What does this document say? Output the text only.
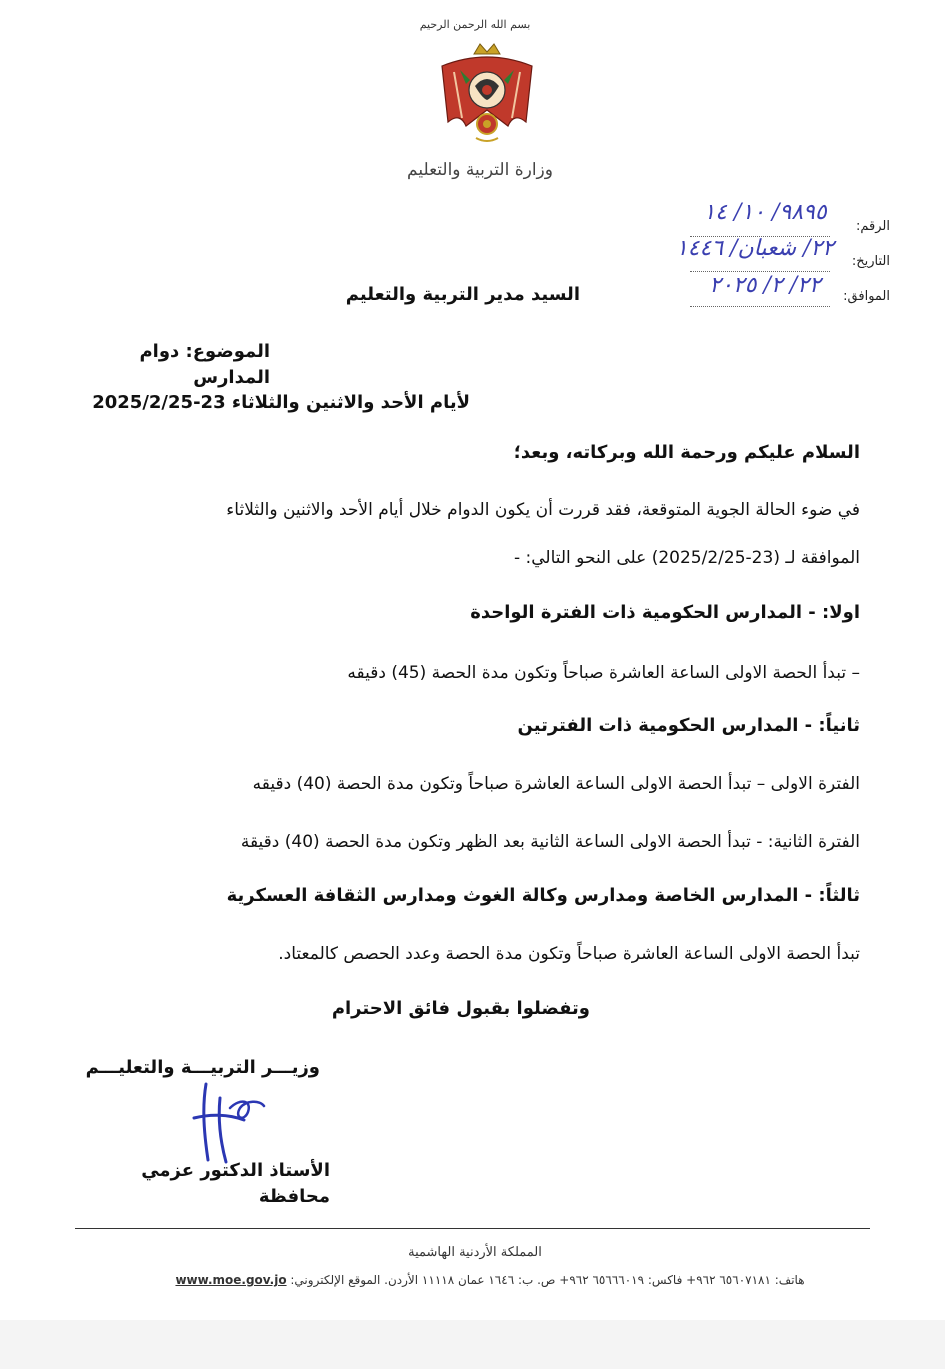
بسم الله الرحمن الرحيم
وزارة التربية والتعليم
الرقم:
٩٨٩٥/ ١٠/ ١٤
التاريخ:
٢٢/ شعبان/ ١٤٤٦
الموافق:
٢٢/ ٢/ ٢٠٢٥
السيد مدير التربية والتعليم
الموضوع: دوام المدارس
لأيام الأحد والاثنين والثلاثاء 23-2025/2/25
السلام عليكم ورحمة الله وبركاته، وبعد؛
في ضوء الحالة الجوية المتوقعة، فقد قررت أن يكون الدوام خلال أيام الأحد والاثنين والثلاثاء
الموافقة لـ (23-2025/2/25) على النحو التالي: -
اولا: - المدارس الحكومية ذات الفترة الواحدة
– تبدأ الحصة الاولى الساعة العاشرة صباحاً وتكون مدة الحصة (45) دقيقه
ثانياً: - المدارس الحكومية ذات الفترتين
الفترة الاولى – تبدأ الحصة الاولى الساعة العاشرة صباحاً وتكون مدة الحصة (40) دقيقه
الفترة الثانية: - تبدأ الحصة الاولى الساعة الثانية بعد الظهر وتكون مدة الحصة (40) دقيقة
ثالثاً: - المدارس الخاصة ومدارس وكالة الغوث ومدارس الثقافة العسكرية
تبدأ الحصة الاولى الساعة العاشرة صباحاً وتكون مدة الحصة وعدد الحصص كالمعتاد.
وتفضلوا بقبول فائق الاحترام
وزيـــر التربيـــة والتعليـــم
الأستاذ الدكتور عزمي محافظة
المملكة الأردنية الهاشمية
www.moe.gov.jo هاتف: ٦٥٦٠٧١٨١ ٩٦٢+ فاكس: ٦٥٦٦٦٠١٩ ٩٦٢+ ص. ب: ١٦٤٦ عمان ١١١١٨ الأردن. الموقع الإلكتروني:
